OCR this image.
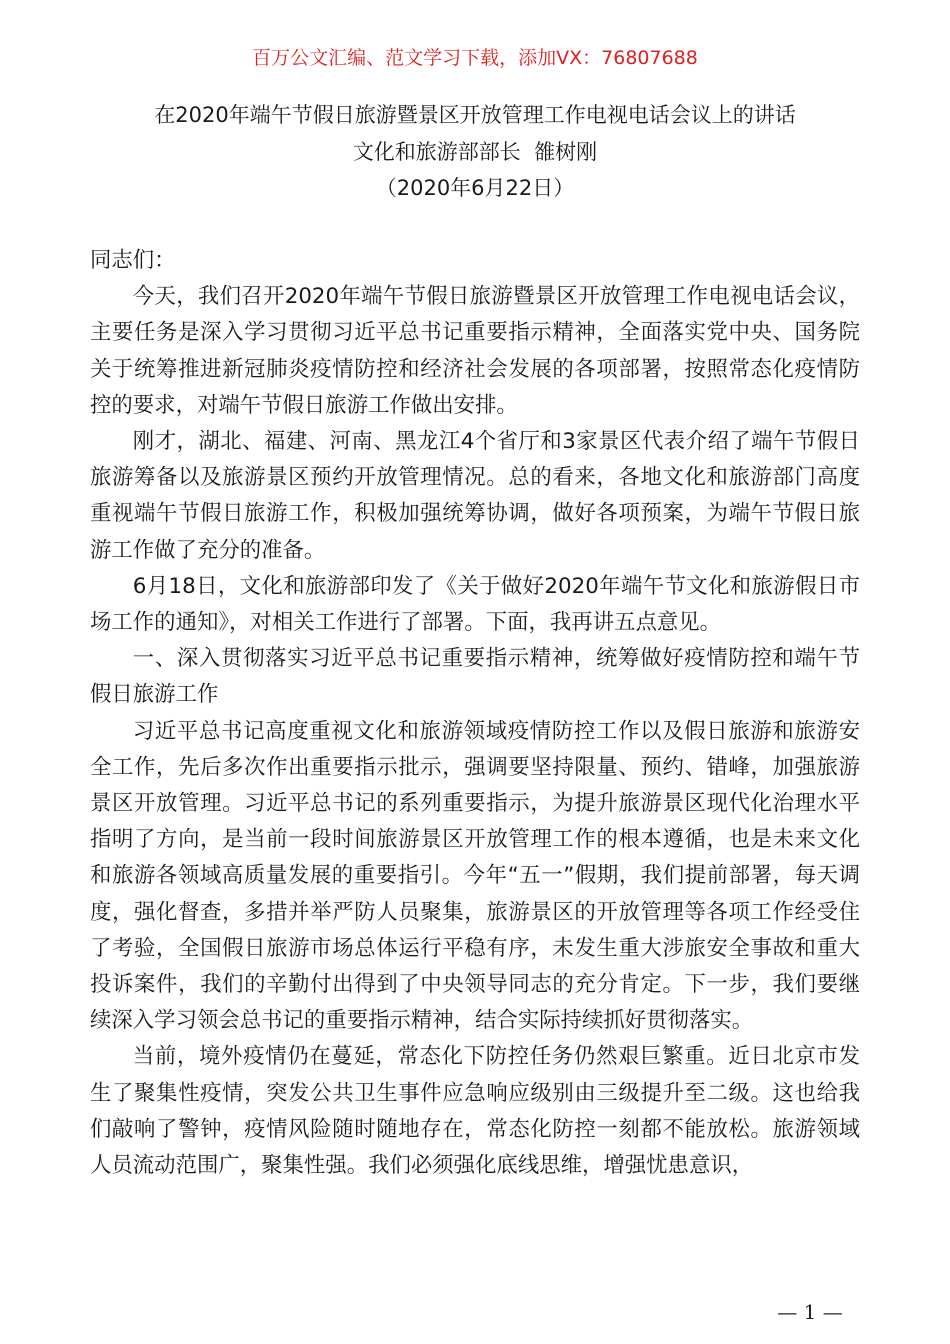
百万公文汇编、范文学习下载，添加VX：76807688
在2020年端午节假日旅游暨景区开放管理工作电视电话会议上的讲话
文化和旅游部部长  雒树刚
（2020年6月22日）

同志们：

今天，我们召开2020年端午节假日旅游暨景区开放管理工作电视电话会议，主要任务是深入学习贯彻习近平总书记重要指示精神，全面落实党中央、国务院关于统筹推进新冠肺炎疫情防控和经济社会发展的各项部署，按照常态化疫情防控的要求，对端午节假日旅游工作做出安排。

刚才，湖北、福建、河南、黑龙江4个省厅和3家景区代表介绍了端午节假日旅游筹备以及旅游景区预约开放管理情况。总的看来，各地文化和旅游部门高度重视端午节假日旅游工作，积极加强统筹协调，做好各项预案，为端午节假日旅游工作做了充分的准备。

6月18日，文化和旅游部印发了《关于做好2020年端午节文化和旅游假日市场工作的通知》，对相关工作进行了部署。下面，我再讲五点意见。

一、深入贯彻落实习近平总书记重要指示精神，统筹做好疫情防控和端午节假日旅游工作

习近平总书记高度重视文化和旅游领域疫情防控工作以及假日旅游和旅游安全工作，先后多次作出重要指示批示，强调要坚持限量、预约、错峰，加强旅游景区开放管理。习近平总书记的系列重要指示，为提升旅游景区现代化治理水平指明了方向，是当前一段时间旅游景区开放管理工作的根本遵循，也是未来文化和旅游各领域高质量发展的重要指引。今年“五一”假期，我们提前部署，每天调度，强化督查，多措并举严防人员聚集，旅游景区的开放管理等各项工作经受住了考验，全国假日旅游市场总体运行平稳有序，未发生重大涉旅安全事故和重大投诉案件，我们的辛勤付出得到了中央领导同志的充分肯定。下一步，我们要继续深入学习领会总书记的重要指示精神，结合实际持续抓好贯彻落实。

当前，境外疫情仍在蔓延，常态化下防控任务仍然艰巨繁重。近日北京市发生了聚集性疫情，突发公共卫生事件应急响应级别由三级提升至二级。这也给我们敲响了警钟，疫情风险随时随地存在，常态化防控一刻都不能放松。旅游领域人员流动范围广，聚集性强。我们必须强化底线思维，增强忧患意识，

— 1 —
